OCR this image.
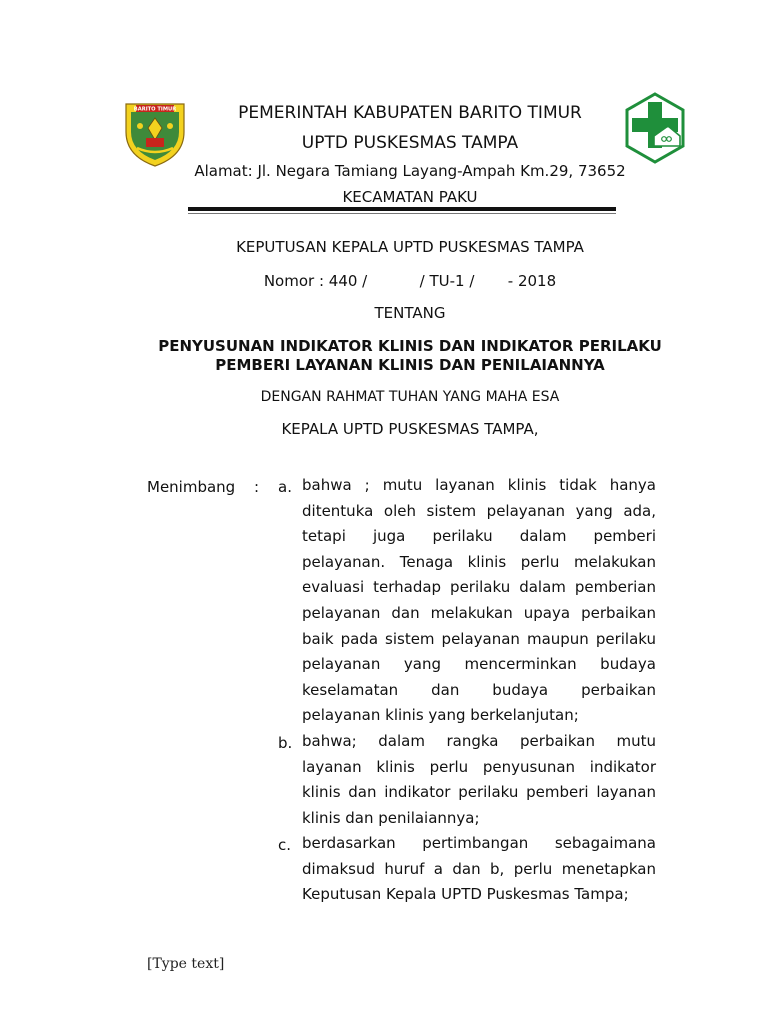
BARITO TIMUR	PEMERINTAH KABUPATEN BARITO TIMUR
UPTD PUSKESMAS TAMPA
Alamat: Jl. Negara Tamiang Layang-Ampah Km.29, 73652
KECAMATAN PAKU
KEPUTUSAN KEPALA UPTD PUSKESMAS TAMPA
Nomor : 440 /           / TU-1 /       - 2018
TENTANG
PENYUSUNAN INDIKATOR KLINIS DAN INDIKATOR PERILAKU
PEMBERI LAYANAN KLINIS DAN PENILAIANNYA
DENGAN RAHMAT TUHAN YANG MAHA ESA
KEPALA UPTD PUSKESMAS TAMPA,
Menimbang : a. bahwa ; mutu layanan klinis tidak hanya
ditentuka oleh sistem pelayanan yang ada,
tetapi juga perilaku dalam pemberi
pelayanan. Tenaga klinis perlu melakukan
evaluasi terhadap perilaku dalam pemberian
pelayanan dan melakukan upaya perbaikan
baik pada sistem pelayanan maupun perilaku
pelayanan yang mencerminkan budaya
keselamatan dan budaya perbaikan
pelayanan klinis yang berkelanjutan;
b. bahwa; dalam rangka perbaikan mutu
layanan klinis perlu penyusunan indikator
klinis dan indikator perilaku pemberi layanan
klinis dan penilaiannya;
c. berdasarkan pertimbangan sebagaimana
dimaksud huruf a dan b, perlu menetapkan
Keputusan Kepala UPTD Puskesmas Tampa;
[Type text]
